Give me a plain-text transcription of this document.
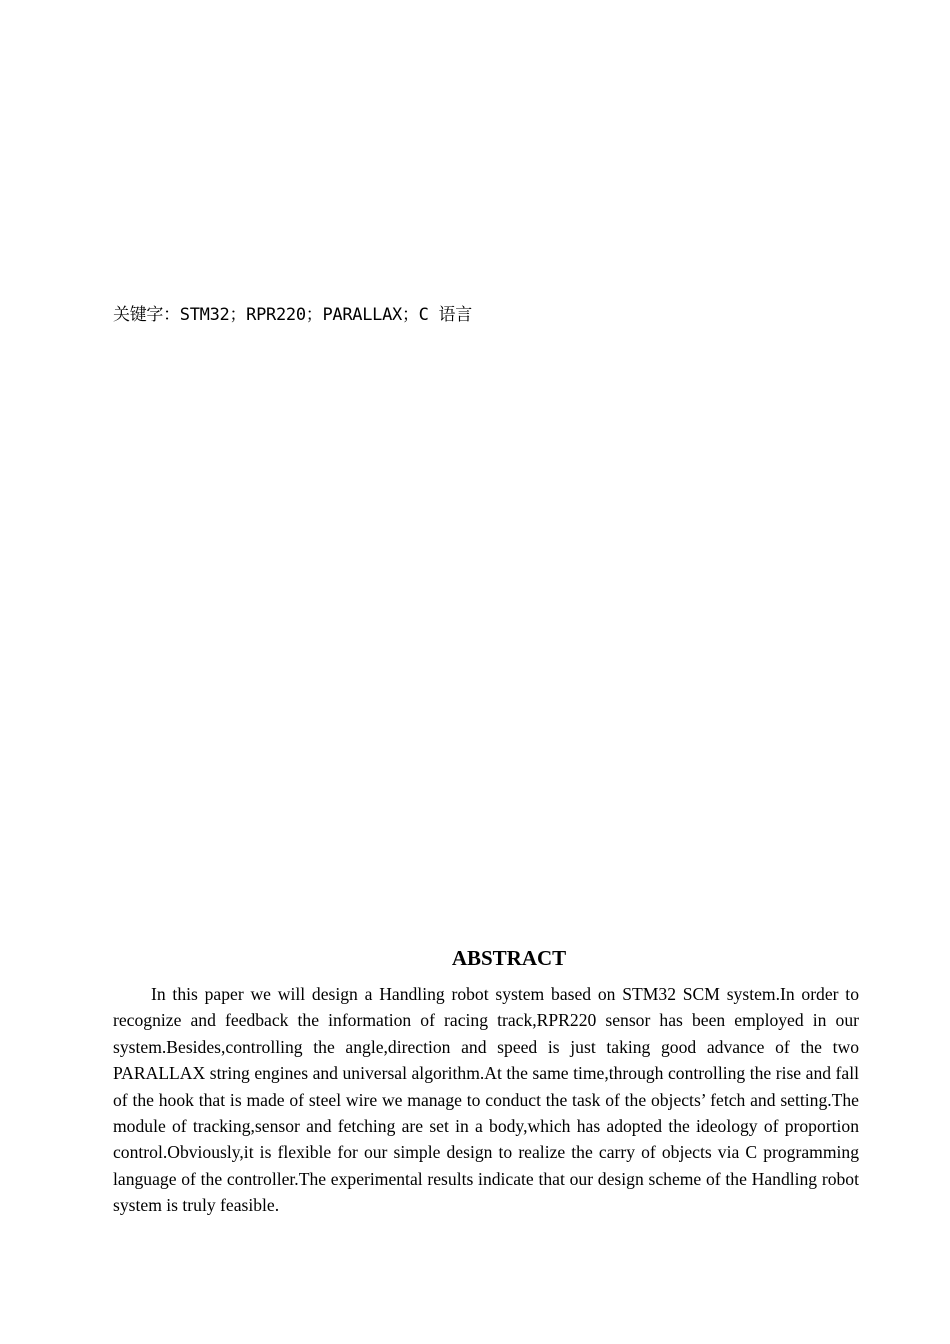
关键字：STM32；RPR220；PARALLAX；C 语言
ABSTRACT

In this paper we will design a Handling robot system based on STM32 SCM system.In order to recognize and feedback the information of racing track,RPR220 sensor has been employed in our system.Besides,controlling the angle,direction and speed is just taking good advance of the two PARALLAX string engines and universal algorithm.At the same time,through controlling the rise and fall of the hook that is made of steel wire we manage to conduct the task of the objects’ fetch and setting.The module of tracking,sensor and fetching are set in a body,which has adopted the ideology of proportion control.Obviously,it is flexible for our simple design to realize the carry of objects via C programming language of the controller.The experimental results indicate that our design scheme of the Handling robot system is truly feasible.
